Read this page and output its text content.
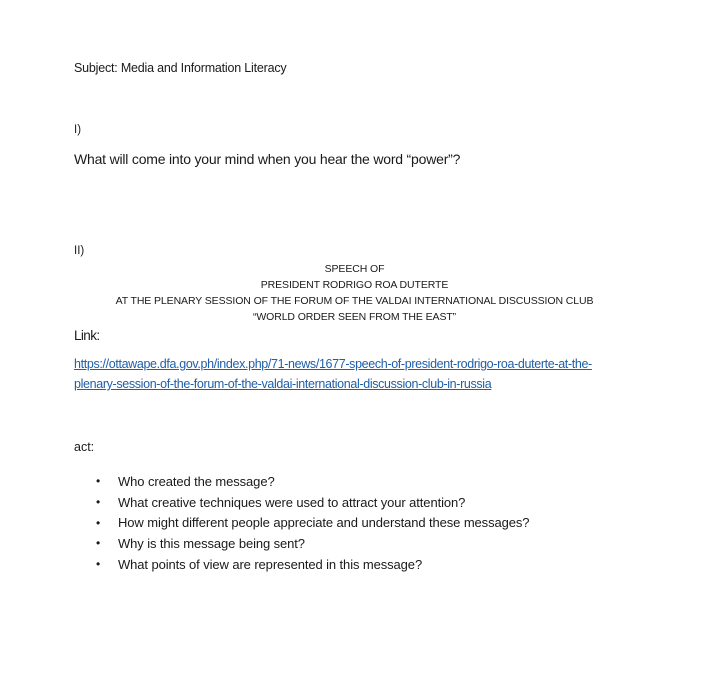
Subject: Media and Information Literacy
I)
What will come into your mind when you hear the word “power”?
II)
SPEECH OF
PRESIDENT RODRIGO ROA DUTERTE
AT THE PLENARY SESSION OF THE FORUM OF THE VALDAI INTERNATIONAL DISCUSSION CLUB
“WORLD ORDER SEEN FROM THE EAST”
Link:
https://ottawape.dfa.gov.ph/index.php/71-news/1677-speech-of-president-rodrigo-roa-duterte-at-the-
plenary-session-of-the-forum-of-the-valdai-international-discussion-club-in-russia
act:
•	Who created the message?
•	What creative techniques were used to attract your attention?
•	How might different people appreciate and understand these messages?
•	Why is this message being sent?
•	What points of view are represented in this message?
